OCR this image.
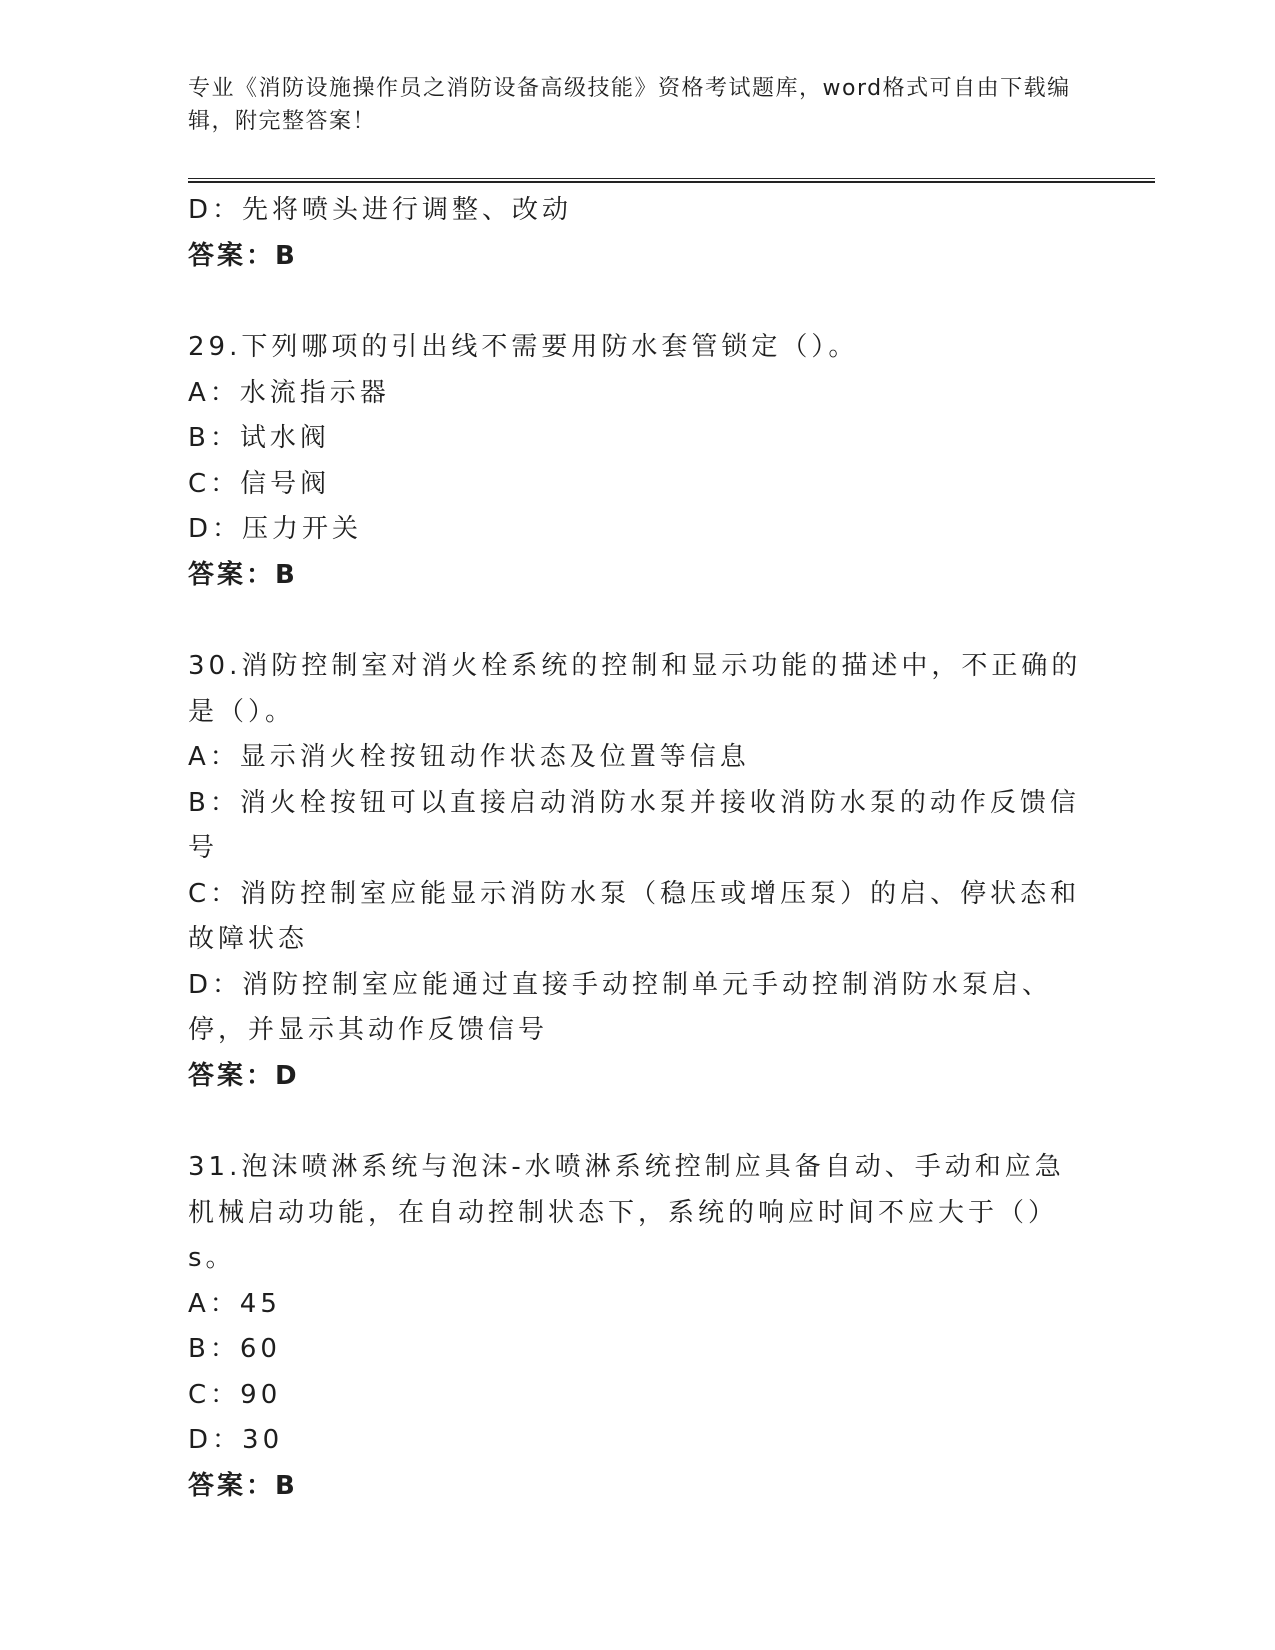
专业《消防设施操作员之消防设备高级技能》资格考试题库，word格式可自由下载编辑，附完整答案！
D：先将喷头进行调整、改动
答案：B
29.下列哪项的引出线不需要用防水套管锁定（）。
A：水流指示器
B：试水阀
C：信号阀
D：压力开关
答案：B
30.消防控制室对消火栓系统的控制和显示功能的描述中，不正确的是（）。
A：显示消火栓按钮动作状态及位置等信息
B：消火栓按钮可以直接启动消防水泵并接收消防水泵的动作反馈信号
C：消防控制室应能显示消防水泵（稳压或增压泵）的启、停状态和故障状态
D：消防控制室应能通过直接手动控制单元手动控制消防水泵启、停，并显示其动作反馈信号
答案：D
31.泡沫喷淋系统与泡沫-水喷淋系统控制应具备自动、手动和应急机械启动功能，在自动控制状态下，系统的响应时间不应大于（）s。
A：45
B：60
C：90
D：30
答案：B
